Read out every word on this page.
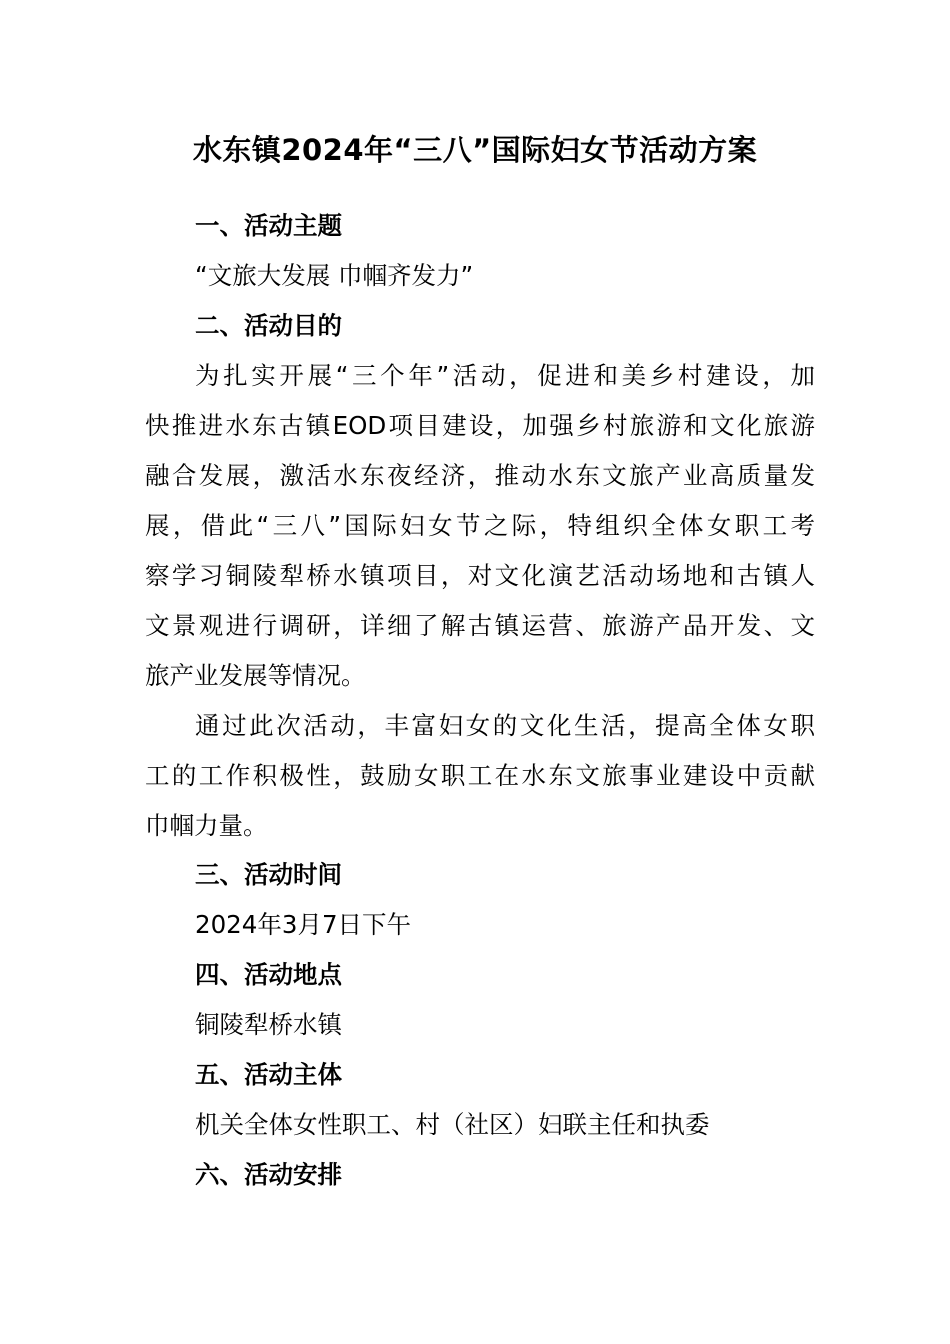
水东镇2024年“三八”国际妇女节活动方案
一、活动主题
“文旅大发展 巾帼齐发力”
二、活动目的
为扎实开展“三个年”活动，促进和美乡村建设，加
快推进水东古镇EOD项目建设，加强乡村旅游和文化旅游
融合发展，激活水东夜经济，推动水东文旅产业高质量发
展，借此“三八”国际妇女节之际，特组织全体女职工考
察学习铜陵犁桥水镇项目，对文化演艺活动场地和古镇人
文景观进行调研，详细了解古镇运营、旅游产品开发、文
旅产业发展等情况。
通过此次活动，丰富妇女的文化生活，提高全体女职
工的工作积极性，鼓励女职工在水东文旅事业建设中贡献
巾帼力量。
三、活动时间
2024年3月7日下午
四、活动地点
铜陵犁桥水镇
五、活动主体
机关全体女性职工、村（社区）妇联主任和执委
六、活动安排
